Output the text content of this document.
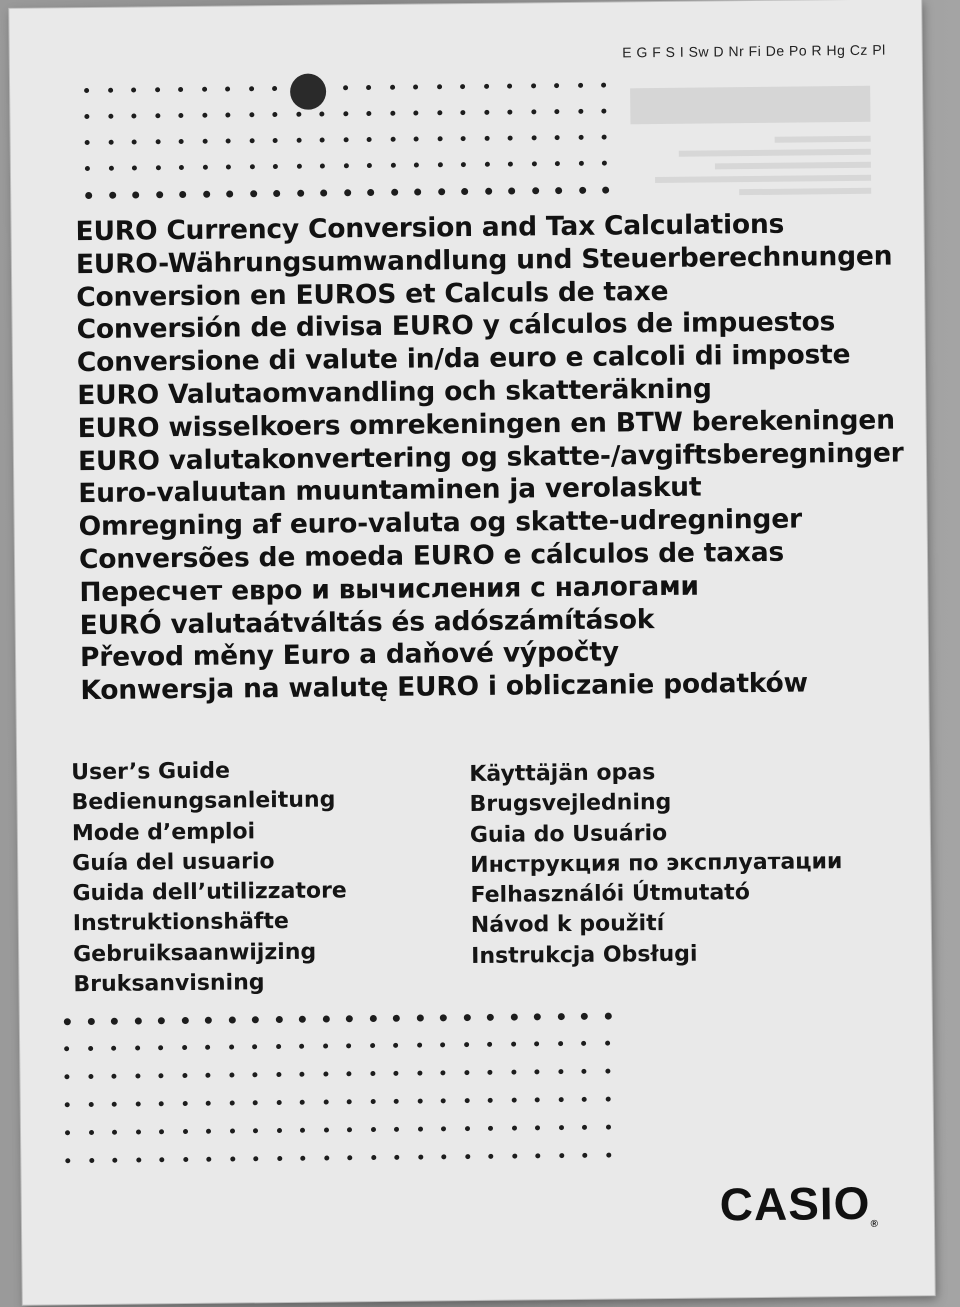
E G F S I Sw D Nr Fi De Po R Hg Cz Pl
EURO Currency Conversion and Tax Calculations
EURO-Währungsumwandlung und Steuerberechnungen
Conversion en EUROS et Calculs de taxe
Conversión de divisa EURO y cálculos de impuestos
Conversione di valute in/da euro e calcoli di imposte
EURO Valutaomvandling och skatteräkning
EURO wisselkoers omrekeningen en BTW berekeningen
EURO valutakonvertering og skatte-/avgiftsberegninger
Euro-valuutan muuntaminen ja verolaskut
Omregning af euro-valuta og skatte-udregninger
Conversões de moeda EURO e cálculos de taxas
Пересчет евро и вычисления с налогами
EURÓ valutaátváltás és adószámítások
Převod měny Euro a daňové výpočty
Konwersja na walutę EURO i obliczanie podatków
User’s Guide
Bedienungsanleitung
Mode d’emploi
Guía del usuario
Guida dell’utilizzatore
Instruktionshäfte
Gebruiksaanwijzing
Bruksanvisning
Käyttäjän opas
Brugsvejledning
Guia do Usuário
Инструкция по эксплуатации
Felhasználói Útmutató
Návod k použití
Instrukcja Obsługi
CASIO®
